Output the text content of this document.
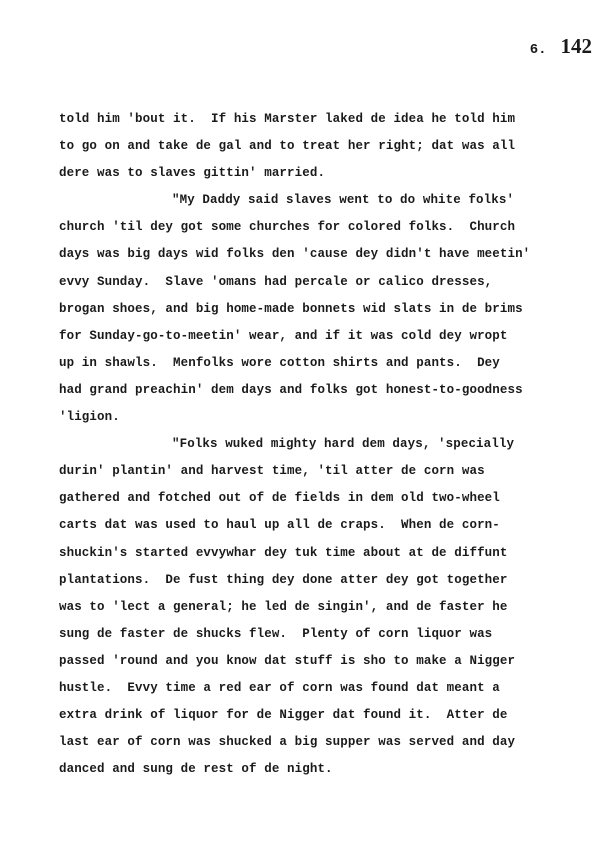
6. 142
told him 'bout it.  If his Marster laked de idea he told him
to go on and take de gal and to treat her right; dat was all
dere was to slaves gittin' married.
"My Daddy said slaves went to do white folks'
church 'til dey got some churches for colored folks.  Church
days was big days wid folks den 'cause dey didn't have meetin'
evvy Sunday.  Slave 'omans had percale or calico dresses,
brogan shoes, and big home-made bonnets wid slats in de brims
for Sunday-go-to-meetin' wear, and if it was cold dey wropt
up in shawls.  Menfolks wore cotton shirts and pants.  Dey
had grand preachin' dem days and folks got honest-to-goodness
'ligion.
"Folks wuked mighty hard dem days, 'specially
durin' plantin' and harvest time, 'til atter de corn was
gathered and fotched out of de fields in dem old two-wheel
carts dat was used to haul up all de craps.  When de corn-
shuckin's started evvywhar dey tuk time about at de diffunt
plantations.  De fust thing dey done atter dey got together
was to 'lect a general; he led de singin', and de faster he
sung de faster de shucks flew.  Plenty of corn liquor was
passed 'round and you know dat stuff is sho to make a Nigger
hustle.  Evvy time a red ear of corn was found dat meant a
extra drink of liquor for de Nigger dat found it.  Atter de
last ear of corn was shucked a big supper was served and day
danced and sung de rest of de night.
